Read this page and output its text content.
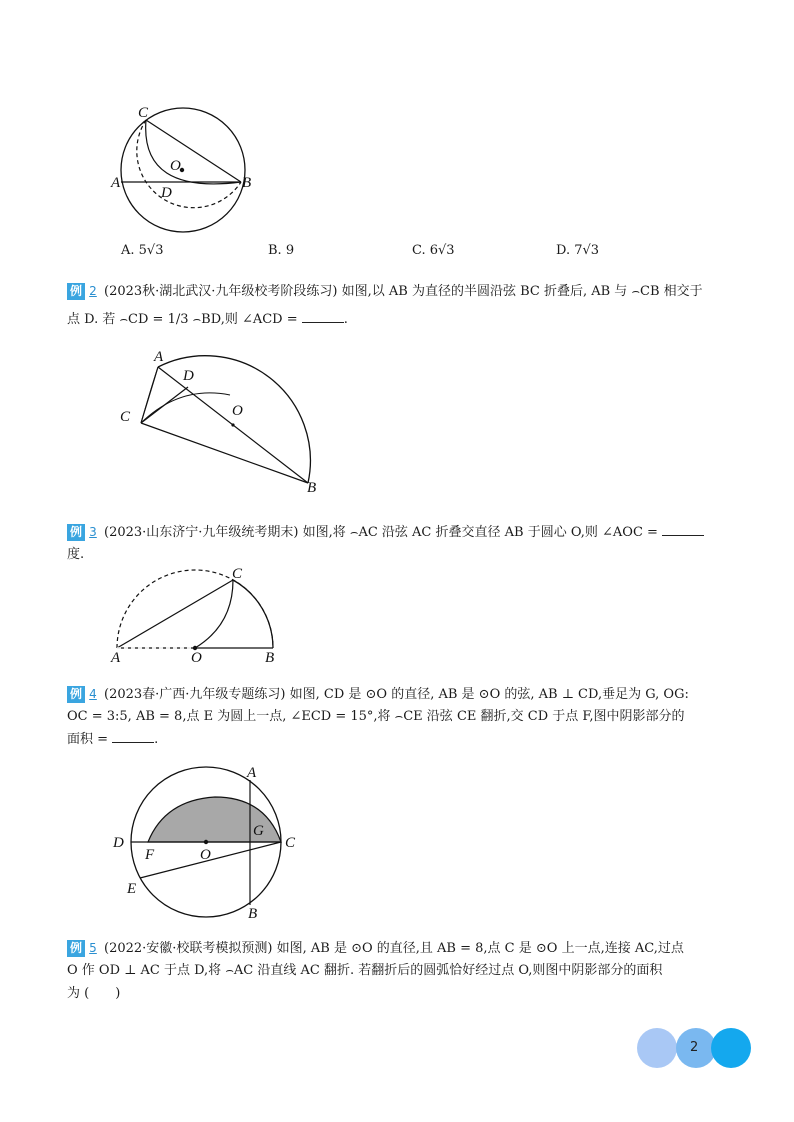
C
O
A
D
B
A. 5√3	B. 9	C. 6√3	D. 7√3
例 2 (2023秋·湖北武汉·九年级校考阶段练习) 如图,以 AB 为直径的半圆沿弦 BC 折叠后, AB 与 ⌢CB 相交于
点 D. 若 ⌢CD = 1/3 ⌢BD,则 ∠ACD =	.
A
D
O
C
B
例 3 (2023·山东济宁·九年级统考期末) 如图,将 ⌢AC 沿弦 AC 折叠交直径 AB 于圆心 O,则 ∠AOC =
度.
C
A	O	B
例 4 (2023春·广西·九年级专题练习) 如图, CD 是 ⊙O 的直径, AB 是 ⊙O 的弦, AB ⊥ CD,垂足为 G, OG:
OC = 3:5, AB = 8,点 E 为圆上一点, ∠ECD = 15°,将 ⌢CE 沿弦 CE 翻折,交 CD 于点 F,图中阴影部分的
面积 =	.
A
G
D
F	O
C
E
B
例 5 (2022·安徽·校联考模拟预测) 如图, AB 是 ⊙O 的直径,且 AB = 8,点 C 是 ⊙O 上一点,连接 AC,过点
O 作 OD ⊥ AC 于点 D,将 ⌢AC 沿直线 AC 翻折. 若翻折后的圆弧恰好经过点 O,则图中阴影部分的面积
为 (　　)
2
